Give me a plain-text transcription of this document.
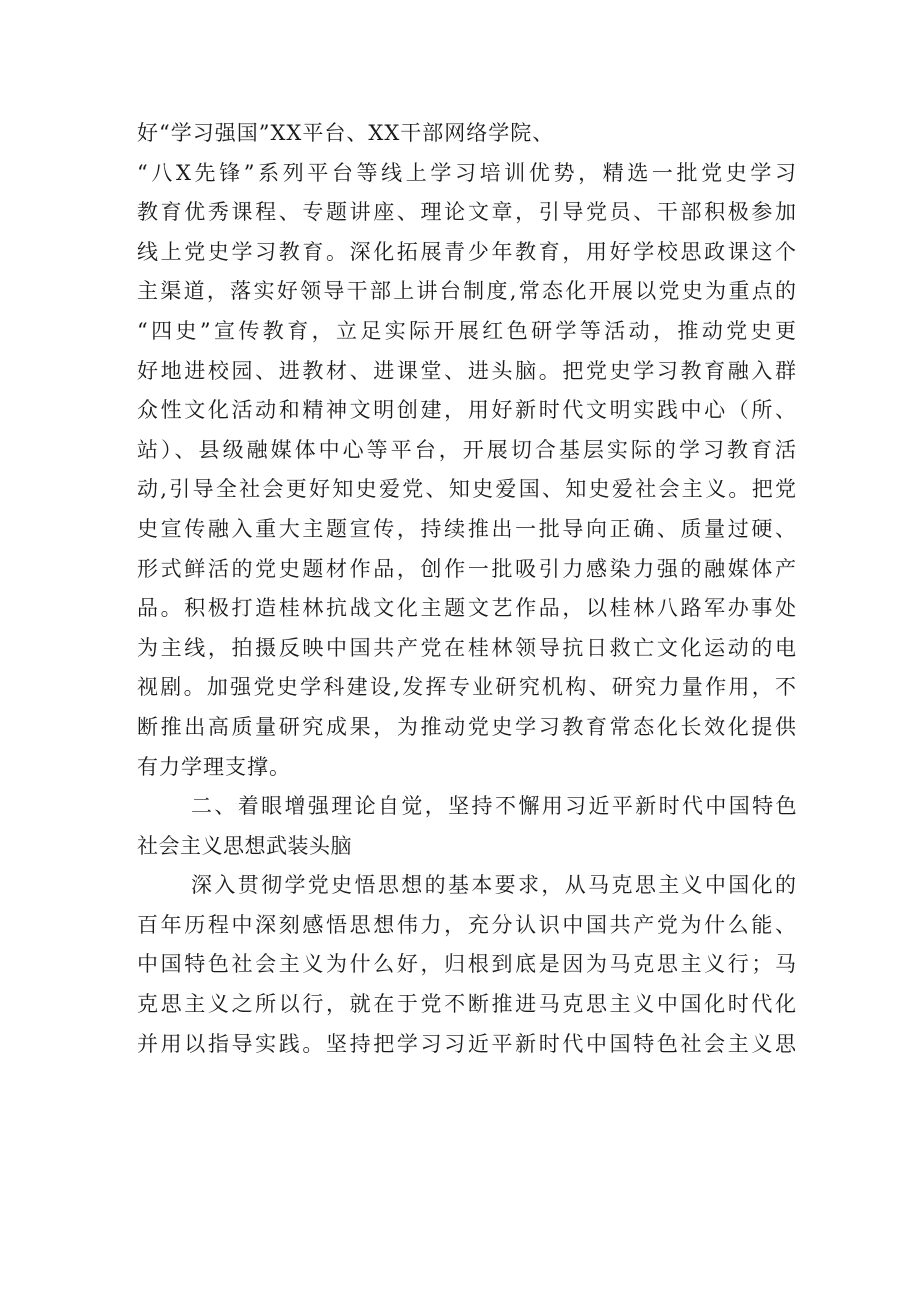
好“学习强国”XX平台、XX干部网络学院、
“八X先锋”系列平台等线上学习培训优势，精选一批党史学习
教育优秀课程、专题讲座、理论文章，引导党员、干部积极参加
线上党史学习教育。深化拓展青少年教育，用好学校思政课这个
主渠道，落实好领导干部上讲台制度,常态化开展以党史为重点的
“四史”宣传教育，立足实际开展红色研学等活动，推动党史更
好地进校园、进教材、进课堂、进头脑。把党史学习教育融入群
众性文化活动和精神文明创建，用好新时代文明实践中心（所、
站）、县级融媒体中心等平台，开展切合基层实际的学习教育活
动,引导全社会更好知史爱党、知史爱国、知史爱社会主义。把党
史宣传融入重大主题宣传，持续推出一批导向正确、质量过硬、
形式鲜活的党史题材作品，创作一批吸引力感染力强的融媒体产
品。积极打造桂林抗战文化主题文艺作品，以桂林八路军办事处
为主线，拍摄反映中国共产党在桂林领导抗日救亡文化运动的电
视剧。加强党史学科建设,发挥专业研究机构、研究力量作用，不
断推出高质量研究成果，为推动党史学习教育常态化长效化提供
有力学理支撑。
二、着眼增强理论自觉，坚持不懈用习近平新时代中国特色
社会主义思想武装头脑
深入贯彻学党史悟思想的基本要求，从马克思主义中国化的
百年历程中深刻感悟思想伟力，充分认识中国共产党为什么能、
中国特色社会主义为什么好，归根到底是因为马克思主义行；马
克思主义之所以行，就在于党不断推进马克思主义中国化时代化
并用以指导实践。坚持把学习习近平新时代中国特色社会主义思
